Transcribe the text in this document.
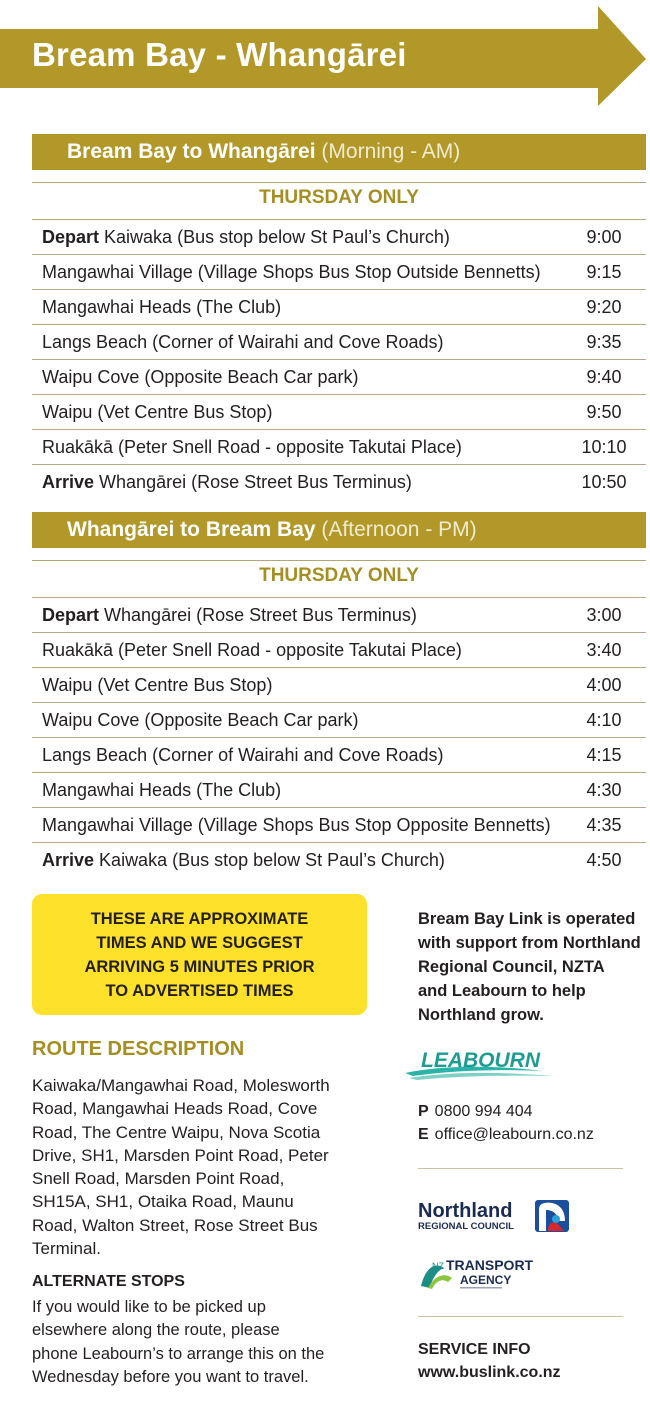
Bream Bay - Whangārei
Bream Bay to Whangārei (Morning - AM)
THURSDAY ONLY
Depart Kaiwaka (Bus stop below St Paul’s Church)	9:00
Mangawhai Village (Village Shops Bus Stop Outside Bennetts)	9:15
Mangawhai Heads (The Club)	9:20
Langs Beach (Corner of Wairahi and Cove Roads)	9:35
Waipu Cove (Opposite Beach Car park)	9:40
Waipu (Vet Centre Bus Stop)	9:50
Ruakākā (Peter Snell Road - opposite Takutai Place)	10:10
Arrive Whangārei (Rose Street Bus Terminus)	10:50
Whangārei to Bream Bay (Afternoon - PM)
THURSDAY ONLY
Depart Whangārei (Rose Street Bus Terminus)	3:00
Ruakākā (Peter Snell Road - opposite Takutai Place)	3:40
Waipu (Vet Centre Bus Stop)	4:00
Waipu Cove (Opposite Beach Car park)	4:10
Langs Beach (Corner of Wairahi and Cove Roads)	4:15
Mangawhai Heads (The Club)	4:30
Mangawhai Village (Village Shops Bus Stop Opposite Bennetts)	4:35
Arrive Kaiwaka (Bus stop below St Paul’s Church)	4:50
THESE ARE APPROXIMATE
TIMES AND WE SUGGEST
ARRIVING 5 MINUTES PRIOR
TO ADVERTISED TIMES
ROUTE DESCRIPTION
Kaiwaka/Mangawhai Road, Molesworth
Road, Mangawhai Heads Road, Cove
Road, The Centre Waipu, Nova Scotia
Drive, SH1, Marsden Point Road, Peter
Snell Road, Marsden Point Road,
SH15A, SH1, Otaika Road, Maunu
Road, Walton Street, Rose Street Bus
Terminal.
ALTERNATE STOPS
If you would like to be picked up
elsewhere along the route, please
phone Leabourn’s to arrange this on the
Wednesday before you want to travel.
Bream Bay Link is operated
with support from Northland
Regional Council, NZTA
and Leabourn to help
Northland grow.
LEABOURN
P 0800 994 404
E office@leabourn.co.nz
Northland
REGIONAL COUNCIL
NZ TRANSPORT
AGENCY
SERVICE INFO
www.buslink.co.nz
